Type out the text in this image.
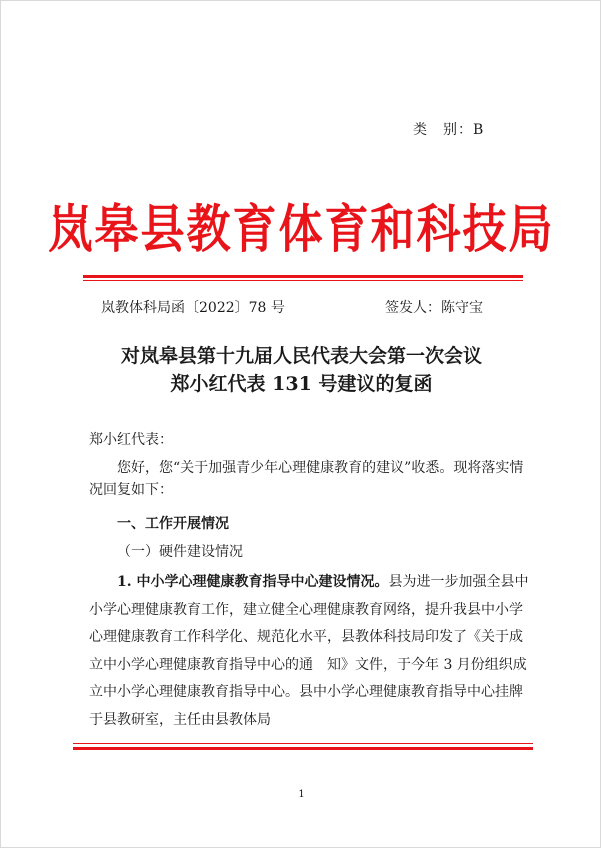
类　别：B
岚皋县教育体育和科技局
岚教体科局函〔2022〕78 号	签发人：陈守宝
对岚皋县第十九届人民代表大会第一次会议
郑小红代表 131 号建议的复函
郑小红代表：
您好，您“关于加强青少年心理健康教育的建议”收悉。现将落实情况回复如下：
一、工作开展情况
（一）硬件建设情况
1. 中小学心理健康教育指导中心建设情况。县为进一步加强全县中小学心理健康教育工作，建立健全心理健康教育网络，提升我县中小学心理健康教育工作科学化、规范化水平，县教体科技局印发了《关于成立中小学心理健康教育指导中心的通　知》文件，于今年 3 月份组织成立中小学心理健康教育指导中心。县中小学心理健康教育指导中心挂牌于县教研室，主任由县教体局
1
